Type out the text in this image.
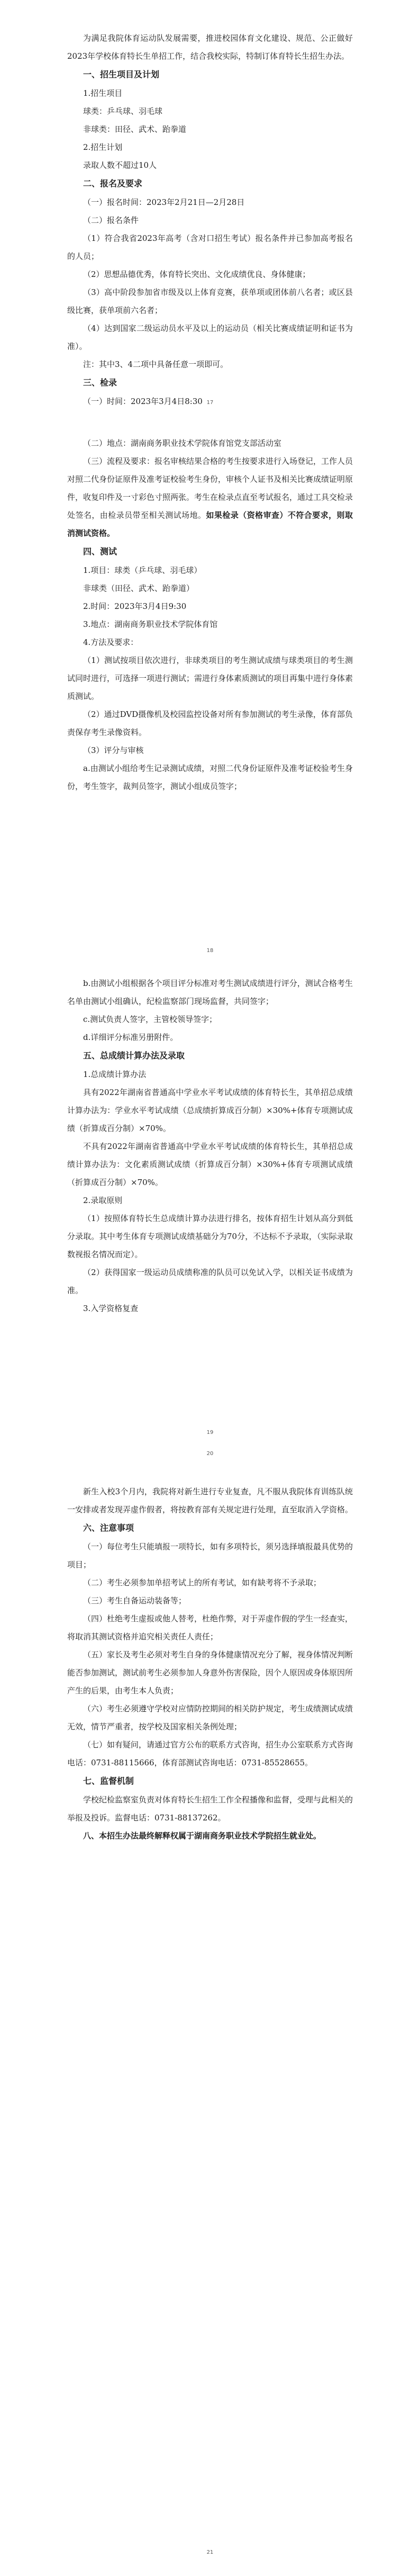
为满足我院体育运动队发展需要，推进校园体育文化建设、规范、公正做好2023年学校体育特长生单招工作，结合我校实际，特制订体育特长生招生办法。

一、招生项目及计划

1.招生项目

球类：乒乓球、羽毛球

非球类：田径、武术、跆拳道

2.招生计划

录取人数不超过10人

二、报名及要求

（一）报名时间：2023年2月21日—2月28日

（二）报名条件

（1）符合我省2023年高考（含对口招生考试）报名条件并已参加高考报名的人员；

（2）思想品德优秀，体育特长突出、文化成绩优良、身体健康；

（3）高中阶段参加省市级及以上体育竞赛，获单项或团体前八名者；或区县级比赛，获单项前六名者；

（4）达到国家二级运动员水平及以上的运动员（相关比赛成绩证明和证书为准）。

注：其中3、4二项中具备任意一项即可。

三、检录

（一）时间：2023年3月4日8:30 17

（二）地点：湖南商务职业技术学院体育馆党支部活动室

（三）流程及要求：报名审核结果合格的考生按要求进行入场登记，工作人员对照二代身份证原件及准考证校验考生身份，审核个人证书及相关比赛成绩证明原件，收复印件及一寸彩色寸照两张。考生在检录点直至考试报名，通过工具交检录处签名，由检录员带至相关测试场地。如果检录（资格审查）不符合要求，则取消测试资格。

四、测试

1.项目：球类（乒乓球、羽毛球）

非球类（田径、武术、跆拳道）

2.时间：2023年3月4日9:30

3.地点：湖南商务职业技术学院体育馆

4.方法及要求：

（1）测试按项目依次进行，非球类项目的考生测试成绩与球类项目的考生测试同时进行，可选择一项进行测试；需进行身体素质测试的项目再集中进行身体素质测试。

（2）通过DVD摄像机及校园监控设备对所有参加测试的考生录像，体育部负责保存考生录像资料。

（3）评分与审核

a.由测试小组给考生记录测试成绩，对照二代身份证原件及准考证校验考生身份，考生签字，裁判员签字，测试小组成员签字；

18

b.由测试小组根据各个项目评分标准对考生测试成绩进行评分，测试合格考生名单由测试小组确认，纪检监察部门现场监督，共同签字；

c.测试负责人签字，主管校领导签字；

d.详细评分标准另册附件。

五、总成绩计算办法及录取

1.总成绩计算办法

具有2022年湖南省普通高中学业水平考试成绩的体育特长生，其单招总成绩计算办法为：学业水平考试成绩（总成绩折算成百分制）×30%+体育专项测试成绩（折算成百分制）×70%。

不具有2022年湖南省普通高中学业水平考试成绩的体育特长生，其单招总成绩计算办法为：文化素质测试成绩（折算成百分制）×30%+体育专项测试成绩（折算成百分制）×70%。

2.录取原则

（1）按照体育特长生总成绩计算办法进行排名，按体育招生计划从高分到低分录取。其中考生体育专项测试成绩基础分为70分，不达标不予录取，（实际录取数视报名情况而定）。

（2）获得国家一级运动员成绩称准的队员可以免试入学，以相关证书成绩为准。

3.入学资格复查

19

新生入校3个月内，我院将对新生进行专业复查，凡不服从我院体育训练队统一安排或者发现弄虚作假者，将按教育部有关规定进行处理，直至取消入学资格。

六、注意事项

（一）每位考生只能填报一项特长，如有多项特长，须另选择填报最具优势的项目；

（二）考生必须参加单招考试上的所有考试，如有缺考将不予录取；

（三）考生自备运动装备等；

（四）杜绝考生虚报或他人替考，杜绝作弊，对于弄虚作假的学生一经查实，将取消其测试资格并追究相关责任人责任；

（五）家长及考生必须对考生自身的身体健康情况充分了解，视身体情况判断能否参加测试，测试前考生必须参加人身意外伤害保险，因个人原因或身体原因所产生的后果，由考生本人负责；

（六）考生必须遵守学校对应情防控期间的相关防护规定，考生成绩测试成绩无效，情节严重者，按学校及国家相关条例处理；

（七）如有疑问，请通过官方公布的联系方式咨询，招生办公室联系方式咨询电话：0731-88115666，体育部测试咨询电话：0731-85528655。

七、监督机制

学校纪检监察室负责对体育特长生招生工作全程播像和监督，受理与此相关的举报及投诉。监督电话：0731-88137262。

八、本招生办法最终解释权属于湖南商务职业技术学院招生就业处。

21
20
